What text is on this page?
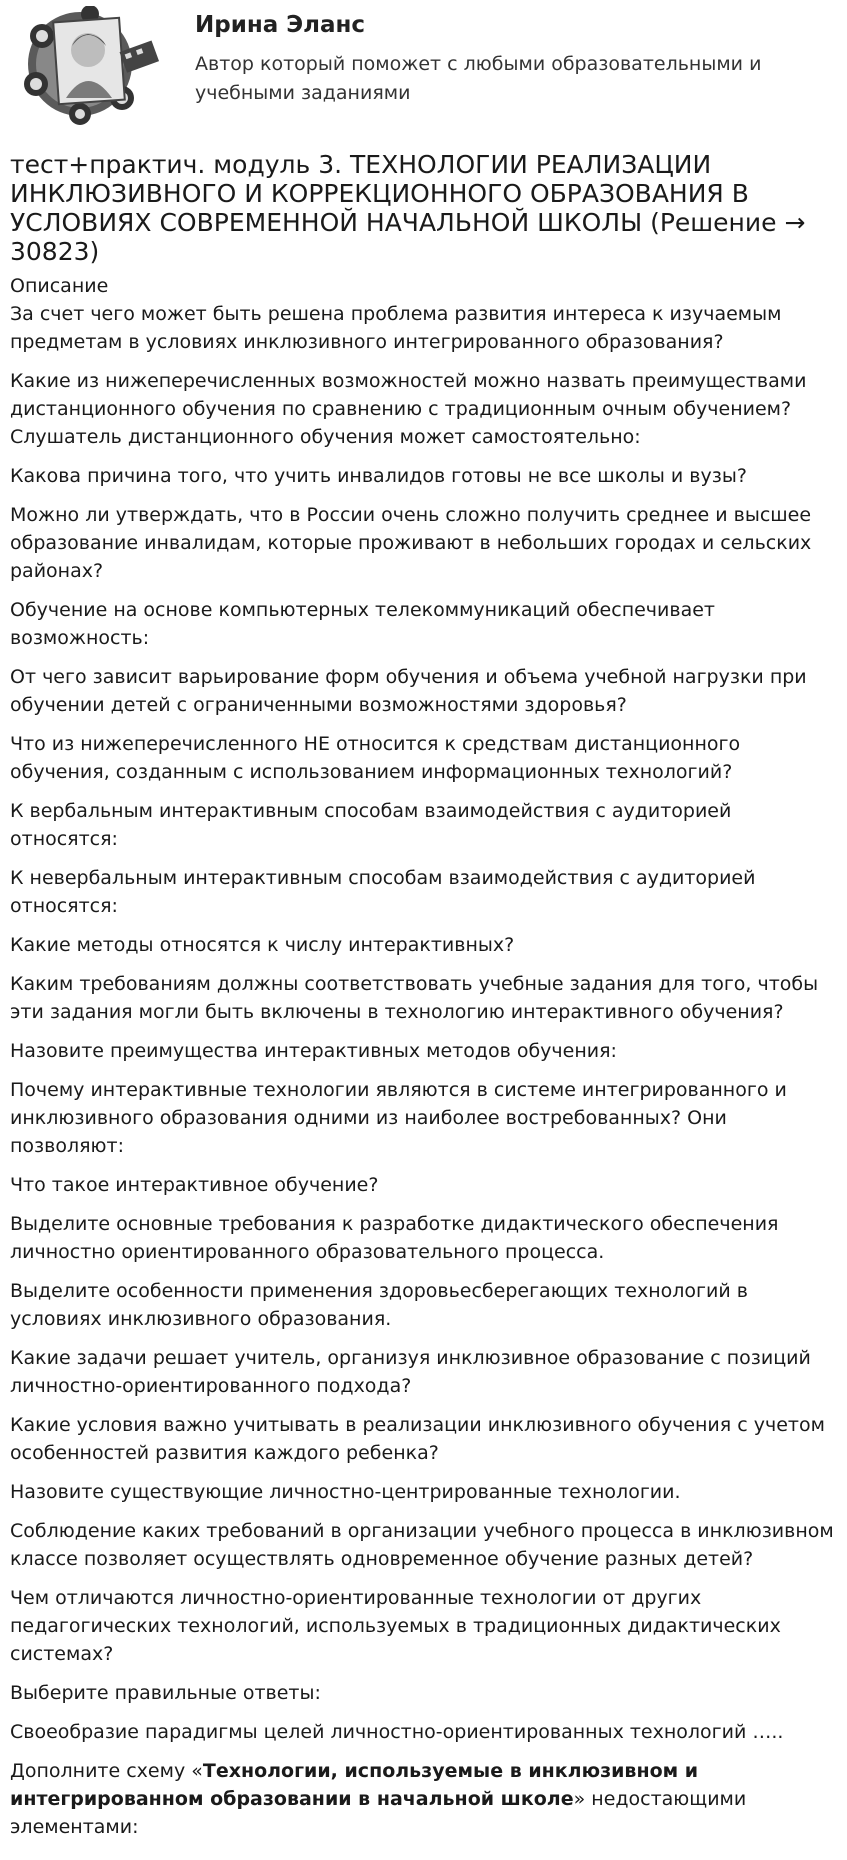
Ирина Эланс
Автор который поможет с любыми образовательными и учебными заданиями
тест+практич. модуль 3. ТЕХНОЛОГИИ РЕАЛИЗАЦИИ ИНКЛЮЗИВНОГО И КОРРЕКЦИОННОГО ОБРАЗОВАНИЯ В УСЛОВИЯХ СОВРЕМЕННОЙ НАЧАЛЬНОЙ ШКОЛЫ (Решение → 30823)
Описание
За счет чего может быть решена проблема развития интереса к изучаемым предметам в условиях инклюзивного интегрированного образования?
Какие из нижеперечисленных возможностей можно назвать преимуществами дистанционного обучения по сравнению с традиционным очным обучением? Слушатель дистанционного обучения может самостоятельно:
Какова причина того, что учить инвалидов готовы не все школы и вузы?
Можно ли утверждать, что в России очень сложно получить среднее и высшее образование инвалидам, которые проживают в небольших городах и сельских районах?
Обучение на основе компьютерных телекоммуникаций обеспечивает возможность:
От чего зависит варьирование форм обучения и объема учебной нагрузки при обучении детей с ограниченными возможностями здоровья?
Что из нижеперечисленного НЕ относится к средствам дистанционного обучения, созданным с использованием информационных технологий?
К вербальным интерактивным способам взаимодействия с аудиторией относятся:
К невербальным интерактивным способам взаимодействия с аудиторией относятся:
Какие методы относятся к числу интерактивных?
Каким требованиям должны соответствовать учебные задания для того, чтобы эти задания могли быть включены в технологию интерактивного обучения?
Назовите преимущества интерактивных методов обучения:
Почему интерактивные технологии являются в системе интегрированного и инклюзивного образования одними из наиболее востребованных? Они позволяют:
Что такое интерактивное обучение?
Выделите основные требования к разработке дидактического обеспечения личностно ориентированного образовательного процесса.
Выделите особенности применения здоровьесберегающих технологий в условиях инклюзивного образования.
Какие задачи решает учитель, организуя инклюзивное образование с позиций личностно-ориентированного подхода?
Какие условия важно учитывать в реализации инклюзивного обучения с учетом особенностей развития каждого ребенка?
Назовите существующие личностно-центрированные технологии.
Соблюдение каких требований в организации учебного процесса в инклюзивном классе позволяет осуществлять одновременное обучение разных детей?
Чем отличаются личностно-ориентированные технологии от других педагогических технологий, используемых в традиционных дидактических системах?
Выберите правильные ответы:
Своеобразие парадигмы целей личностно-ориентированных технологий …..
Дополните схему «Технологии, используемые в инклюзивном и интегрированном образовании в начальной школе» недостающими элементами:
